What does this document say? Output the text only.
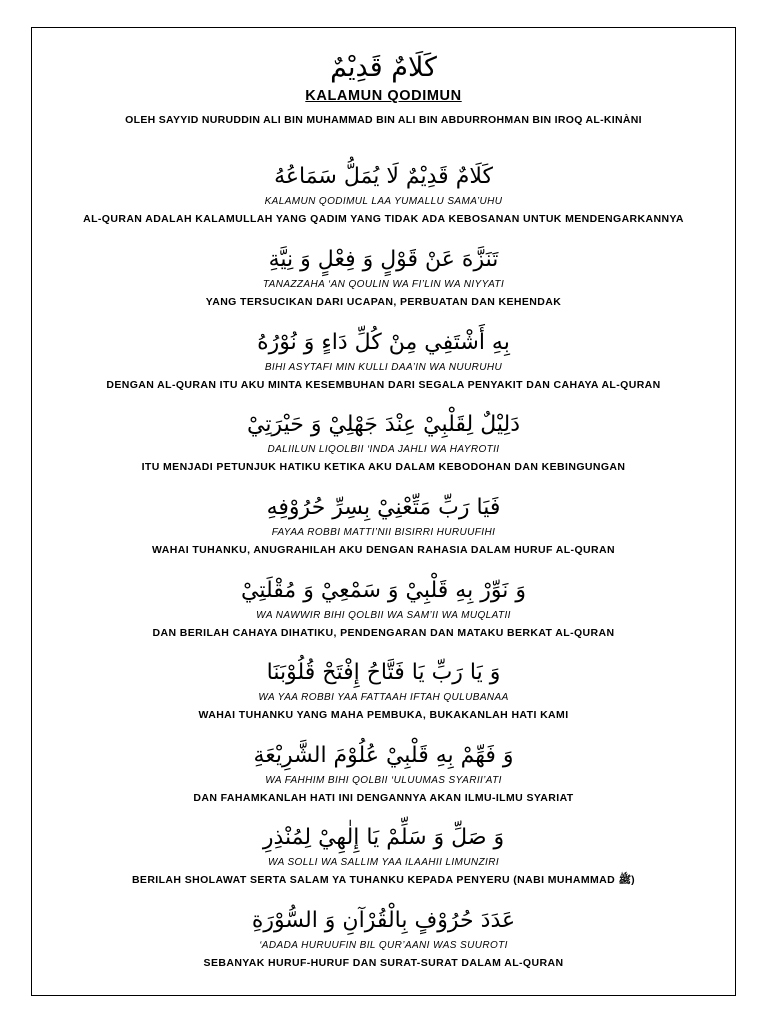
كَلَامٌ قَدِيْمٌ
KALAMUN QODIMUN
OLEH SAYYID NURUDDIN ALI BIN MUHAMMAD BIN ALI BIN ABDURROHMAN BIN IROQ AL-KINÀNI
كَلَامٌ قَدِيْمٌ لَا يُمَلُّ سَمَاعُهُ
KALAMUN QODIMUL LAA YUMALLU SAMA’UHU
AL-QURAN ADALAH KALAMULLAH YANG QADIM YANG TIDAK ADA KEBOSANAN UNTUK MENDENGARKANNYA
تَنَزَّهَ عَنْ قَوْلٍ وَ فِعْلٍ وَ نِيَّةِ
TANAZZAHA ‘AN QOULIN WA FI’LIN WA NIYYATI
YANG TERSUCIKAN DARI UCAPAN, PERBUATAN DAN KEHENDAK
بِهِ أَشْتَفِي مِنْ كُلِّ دَاءٍ وَ نُوْرُهُ
BIHI ASYTAFI MIN KULLI DAA’IN WA NUURUHU
DENGAN AL-QURAN ITU AKU MINTA KESEMBUHAN DARI SEGALA PENYAKIT DAN CAHAYA AL-QURAN
دَلِيْلٌ لِقَلْبِيْ عِنْدَ جَهْلِيْ وَ حَيْرَتِيْ
DALIILUN LIQOLBII ‘INDA JAHLI WA HAYROTII
ITU MENJADI PETUNJUK HATIKU KETIKA AKU DALAM KEBODOHAN DAN KEBINGUNGAN
فَيَا رَبِّ مَتِّعْنِيْ بِسِرِّ حُرُوْفِهِ
FAYAA ROBBI MATTI’NII BISIRRI HURUUFIHI
WAHAI TUHANKU, ANUGRAHILAH AKU DENGAN RAHASIA DALAM HURUF AL-QURAN
وَ نَوِّرْ بِهِ قَلْبِيْ وَ سَمْعِيْ وَ مُقْلَتِيْ
WA NAWWIR BIHI QOLBII WA SAM’II WA MUQLATII
DAN BERILAH CAHAYA DIHATIKU, PENDENGARAN DAN MATAKU BERKAT AL-QURAN
وَ يَا رَبِّ يَا فَتَّاحُ إِفْتَحْ قُلُوْبَنَا
WA YAA ROBBI YAA FATTAAH IFTAH QULUBANAA
WAHAI TUHANKU YANG MAHA PEMBUKA, BUKAKANLAH HATI KAMI
وَ فَهِّمْ بِهِ قَلْبِيْ عُلُوْمَ الشَّرِيْعَةِ
WA FAHHIM BIHI QOLBII ‘ULUUMAS SYARII’ATI
DAN FAHAMKANLAH HATI INI DENGANNYA AKAN ILMU-ILMU SYARIAT
وَ صَلِّ وَ سَلِّمْ يَا إِلٰهِيْ لِمُنْذِرِ
WA SOLLI WA SALLIM YAA ILAAHII LIMUNZIRI
BERILAH SHOLAWAT SERTA SALAM YA TUHANKU KEPADA PENYERU (NABI MUHAMMAD ﷺ)
عَدَدَ حُرُوْفٍ بِالْقُرْآنِ وَ السُّوْرَةِ
‘ADADA HURUUFIN BIL QUR’AANI WAS SUUROTI
SEBANYAK HURUF-HURUF DAN SURAT-SURAT DALAM AL-QURAN
